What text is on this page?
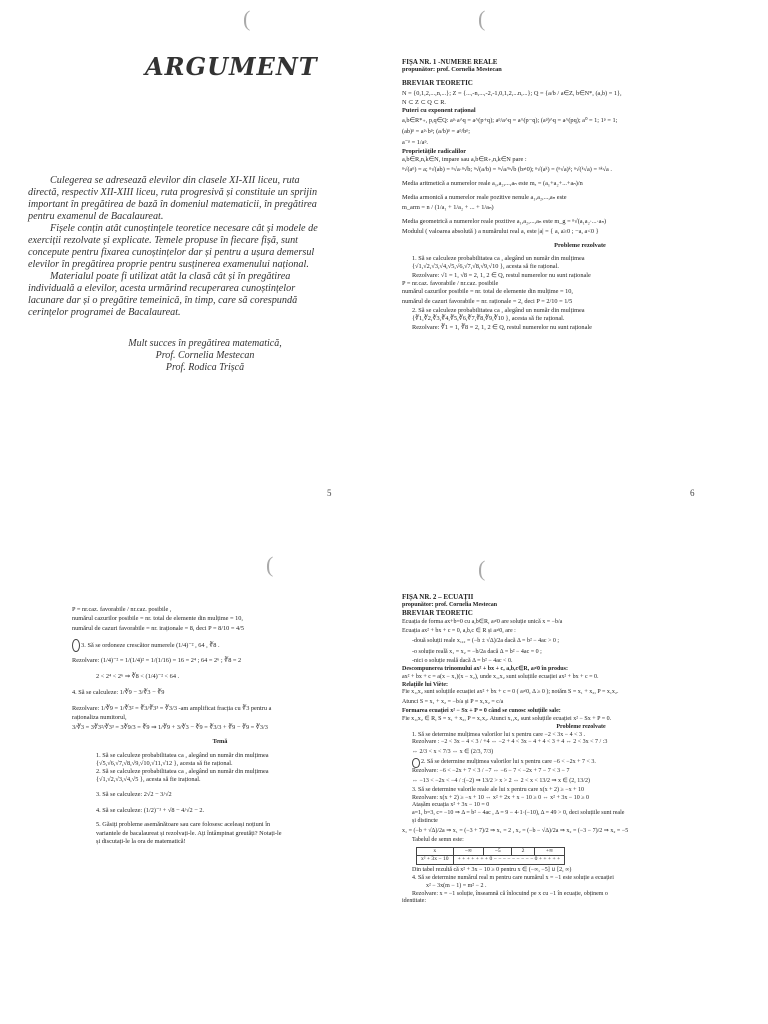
(
ARGUMENT

Culegerea se adresează elevilor din clasele XI-XII liceu, ruta directă, respectiv XII-XIII liceu, ruta progresivă și constituie un sprijin important în pregătirea de bază în domeniul matematicii, în pregătirea pentru examenul de Bacalaureat.

Fișele conțin atât cunoștințele teoretice necesare cât și modele de exerciții rezolvate și explicate. Temele propuse în fiecare fișă, sunt concepute pentru fixarea cunoștințelor dar și pentru a ușura demersul elevilor în pregătirea proprie pentru susținerea examenului național.

Materialul poate fi utilizat atât la clasă cât și în pregătirea individuală a elevilor, acesta urmărind recuperarea cunoștințelor lacunare dar și o pregătire temeinică, în timp, care să corespundă cerințelor programei de Bacalaureat.

Mult succes în pregătirea matematică,
Prof. Cornelia Mestecan
Prof. Rodica Trișcă
5
(
FIȘA NR. 1 -NUMERE REALE
propunător: prof. Cornelia Mestecan
BREVIAR TEORETIC
N = {0,1,2,...,n,...}; Z = {...,-n,...,-2,-1,0,1,2,...n,...}; Q = {a/b / a∈Z, b∈N*, (a,b) = 1},
N ⊂ Z ⊂ Q ⊂ R.
Puteri cu exponent rațional
a,b∈R*₊, p,q∈Q: aᵖ·a^q = a^(p+q); aᵖ/a^q = a^(p−q); (aᵖ)^q = a^(pq); a⁰ = 1; 1ᵖ = 1;
(ab)ᵖ = aᵖ·bᵖ; (a/b)ᵖ = aᵖ/bᵖ;
a⁻ᵖ = 1/aᵖ.
Proprietățile radicalilor
a,b∈R,n,k∈N, impare sau a,b∈R₊,n,k∈N pare :
ⁿ√(aⁿ) = a; ⁿ√(ab) = ⁿ√a·ⁿ√b; ⁿ√(a/b) = ⁿ√a/ⁿ√b (b≠0); ⁿ√(aᵏ) = (ⁿ√a)ᵏ; ⁿ√(ᵏ√a) = ⁿᵏ√a .
Media aritmetică a numerelor reale a₁,a₂,...,aₙ este mₐ = (a₁+a₂+...+aₙ)/n
Media armonică a numerelor reale pozitive nenule a₁,a₂,...,aₙ este
m_arm = n / (1/a₁ + 1/a₂ + ... + 1/aₙ)
Media geometrică a numerelor reale pozitive a₁,a₂,...,aₙ este m_g = ⁿ√(a₁a₂·...·aₙ)
Modulul ( valoarea absolută ) a numărului real a, este |a| = { a, a≥0 ; −a, a<0 }
Probleme rezolvate
1. Să se calculeze probabilitatea ca , alegând un număr din mulțimea
{√1,√2,√3,√4,√5,√6,√7,√8,√9,√10 }, acesta să fie rațional.
Rezolvare: √1 = 1, √8 = 2, 1, 2 ∈ Q, restul numerelor nu sunt raționale
P = nr.caz. favorabile / nr.caz. posibile
numărul cazurilor posibile = nr. total de elemente din mulțime = 10,
numărul de cazuri favorabile = nr. raționale = 2, deci P = 2/10 = 1/5
2. Să se calculeze probabilitatea ca , alegând un număr din mulțimea
{∛1,∛2,∛3,∛4,∛5,∛6,∛7,∛8,∛9,∛10 }, acesta să fie rațional.
Rezolvare: ∛1 = 1, ∛8 = 2, 1, 2 ∈ Q, restul numerelor nu sunt raționale
6
(
P = nr.caz. favorabile / nr.caz. posibile ,
numărul cazurilor posibile = nr. total de elemente din mulțime = 10,
numărul de cazuri favorabile = nr. iraționale = 8, deci P = 8/10 = 4/5
3. Să se ordoneze crescător numerele (1/4)⁻² , 64 , ∛8 .
Rezolvare: (1/4)⁻² = 1/(1/4)² = 1/(1/16) = 16 = 2⁴ ; 64 = 2⁶ ; ∛8 = 2
2 < 2⁴ < 2⁶ ⇒ ∛8 < (1/4)⁻² < 64 .
4. Să se calculeze: 1/∛9 − 3/∛3 − ∛9
Rezolvare: 1/∛9 = 1/∛3² = ∛3/∛3³ = ∛3/3 -am amplificat fracția cu ∛3 pentru a
raționaliza numitorul,
3/∛3 = 3∛3²/∛3³ = 3∛9/3 = ∛9 ⇒ 1/∛9 + 3/∛3 − ∛9 = ∛3/3 + ∛9 − ∛9 = ∛3/3
Temă
1. Să se calculeze probabilitatea ca , alegând un număr din mulțimea
{√5,√6,√7,√8,√9,√10,√11,√12 }, acesta să fie rațional.
2. Să se calculeze probabilitatea ca , alegând un număr din mulțimea
{√1,√2,√3,√4,√5 }, acesta să fie irațional.
3. Să se calculeze: 2√2 − 3/√2
4. Să se calculeze: (1/2)⁻¹ + √8 − 4/√2 − 2.
5. Găsiți probleme asemănătoare sau care folosesc aceleași noțiuni în
variantele de bacalaureat și rezolvați-le. Ați întâmpinat greutăți? Notați-le
și discutați-le la ora de matematică!
(
FIȘA NR. 2 – ECUAȚII
propunător: prof. Cornelia Mestecan
BREVIAR TEORETIC
Ecuația de forma ax+b=0 cu a,b∈R, a≠0 are soluție unică x = −b/a
Ecuația ax² + bx + c = 0, a,b,c ∈ R și a≠0, are :
-două soluții reale x₁,₂ = (−b ± √Δ)/2a dacă Δ = b² − 4ac > 0 ;
-o soluție reală x₁ = x₂ = −b/2a dacă Δ = b² − 4ac = 0 ;
-nici o soluție reală dacă Δ = b² − 4ac < 0.
Descompunerea trinomului ax² + bx + c, a,b,c∈R, a≠0 în produs:
ax² + bx + c = a(x − x₁)(x − x₂), unde x₁,x₂ sunt soluțiile ecuației ax² + bx + c = 0.
Relațiile lui Viète:
Fie x₁,x₂ sunt soluțiile ecuației ax² + bx + c = 0 ( a≠0, Δ ≥ 0 ); notăm S = x₁ + x₂, P = x₁x₂.
Atunci S = x₁ + x₂ = −b/a și P = x₁x₂ = c/a
Formarea ecuației x² − Sx + P = 0 când se cunosc soluțiile sale:
Fie x₁,x₂ ∈ R, S = x₁ + x₂, P = x₁x₂. Atunci x₁,x₂ sunt soluțiile ecuației x² − Sx + P = 0.
Probleme rezolvate
1. Să se determine mulțimea valorilor lui x pentru care −2 < 3x − 4 < 3 .
Rezolvare : −2 < 3x − 4 < 3 / +4 ⇔ −2 + 4 < 3x − 4 + 4 < 3 + 4 ⇔ 2 < 3x < 7 / :3
⇔ 2/3 < x < 7/3 ⇔ x ∈ (2/3, 7/3)
2. Să se determine mulțimea valorilor lui x pentru care −6 < −2x + 7 < 3.
Rezolvare: −6 < −2x + 7 < 3 / −7 ⇔ −6 − 7 < −2x + 7 − 7 < 3 − 7
⇔ −13 < −2x < −4 / :(−2) ⇒ 13/2 > x > 2 ⇔ 2 < x < 13/2 ⇒ x ∈ (2, 13/2)
3. Să se determine valorile reale ale lui x pentru care x(x + 2) ≥ −x + 10
Rezolvare: x(x + 2) ≥ −x + 10 ⇔ x² + 2x + x − 10 ≥ 0 ⇔ x² + 3x − 10 ≥ 0
Atașăm ecuația x² + 3x − 10 = 0
a=1, b=3, c= −10 ⇒ Δ = b² − 4ac , Δ = 9 − 4·1·(−10), Δ = 49 > 0, deci soluțiile sunt reale
și distincte
x₁ = (−b + √Δ)/2a ⇒ x₁ = (−3 + 7)/2 ⇒ x₁ = 2 , x₂ = (−b − √Δ)/2a ⇒ x₂ = (−3 − 7)/2 ⇒ x₂ = −5
Tabelul de semn este:
x	−∞	−5	2	+∞
x² + 3x − 10	+ + + + + + + 0 − − − − − − − − − 0 + + + + +			
Din tabel rezultă că x² + 3x − 10 ≥ 0 pentru x ∈ (−∞, −5] ∪ [2, ∞)
4. Să se determine numărul real m pentru care numărul x = −1 este soluție a ecuației
x² − 3x(m − 1) = m² − 2 .
Rezolvare: x = −1 soluție, înseamnă că înlocuind pe x cu −1 în ecuație, obținem o
identitate:
